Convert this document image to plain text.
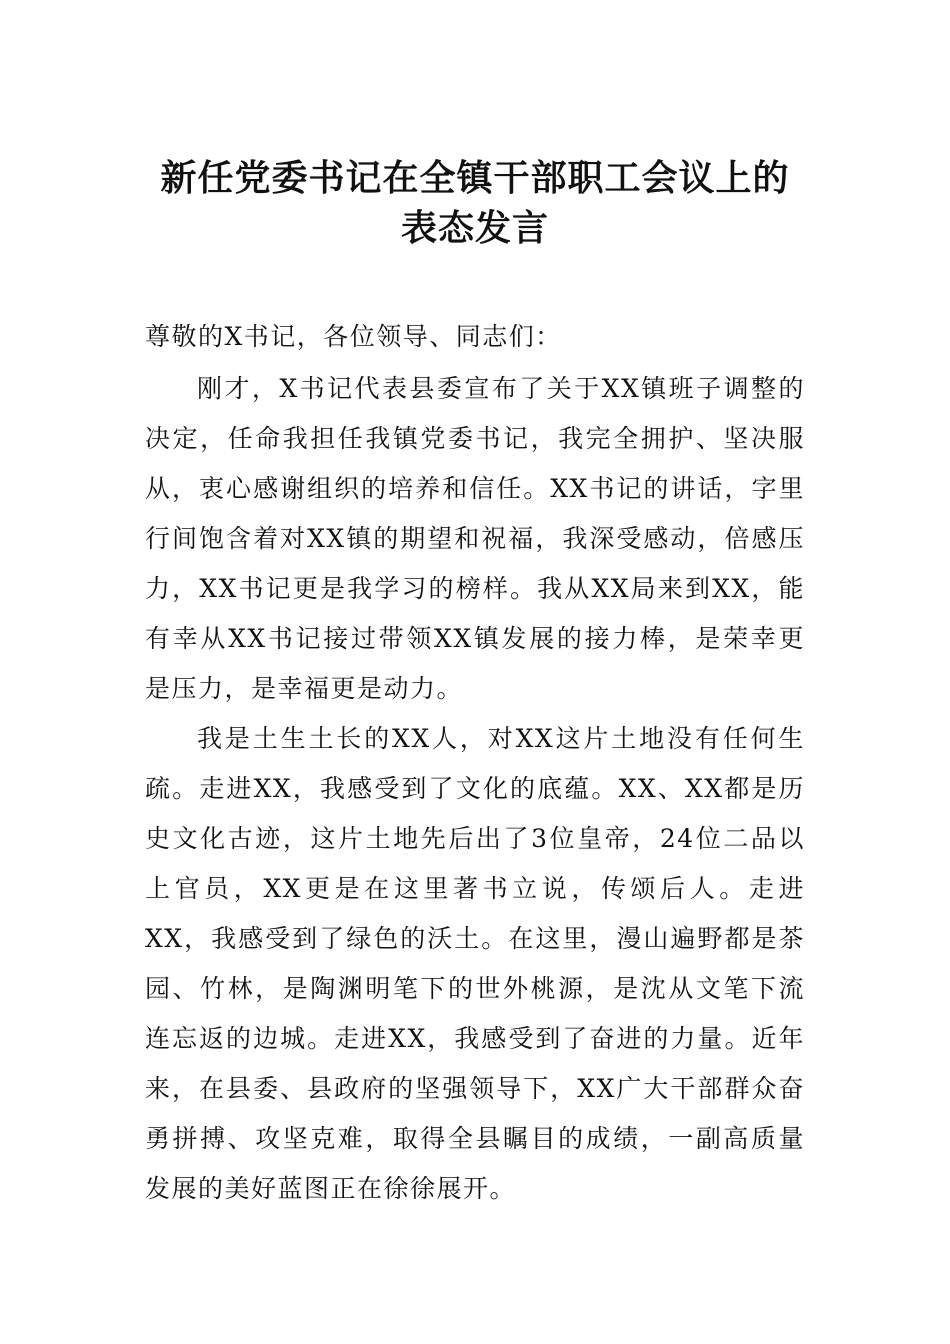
新任党委书记在全镇干部职工会议上的
表态发言
尊敬的X书记，各位领导、同志们：
刚才，X书记代表县委宣布了关于XX镇班子调整的决定，任命我担任我镇党委书记，我完全拥护、坚决服从，衷心感谢组织的培养和信任。XX书记的讲话，字里行间饱含着对XX镇的期望和祝福，我深受感动，倍感压力，XX书记更是我学习的榜样。我从XX局来到XX，能有幸从XX书记接过带领XX镇发展的接力棒，是荣幸更是压力，是幸福更是动力。
我是土生土长的XX人，对XX这片土地没有任何生疏。走进XX，我感受到了文化的底蕴。XX、XX都是历史文化古迹，这片土地先后出了3位皇帝，24位二品以上官员，XX更是在这里著书立说，传颂后人。走进XX，我感受到了绿色的沃土。在这里，漫山遍野都是茶园、竹林，是陶渊明笔下的世外桃源，是沈从文笔下流连忘返的边城。走进XX，我感受到了奋进的力量。近年来，在县委、县政府的坚强领导下，XX广大干部群众奋勇拼搏、攻坚克难，取得全县瞩目的成绩，一副高质量发展的美好蓝图正在徐徐展开。
